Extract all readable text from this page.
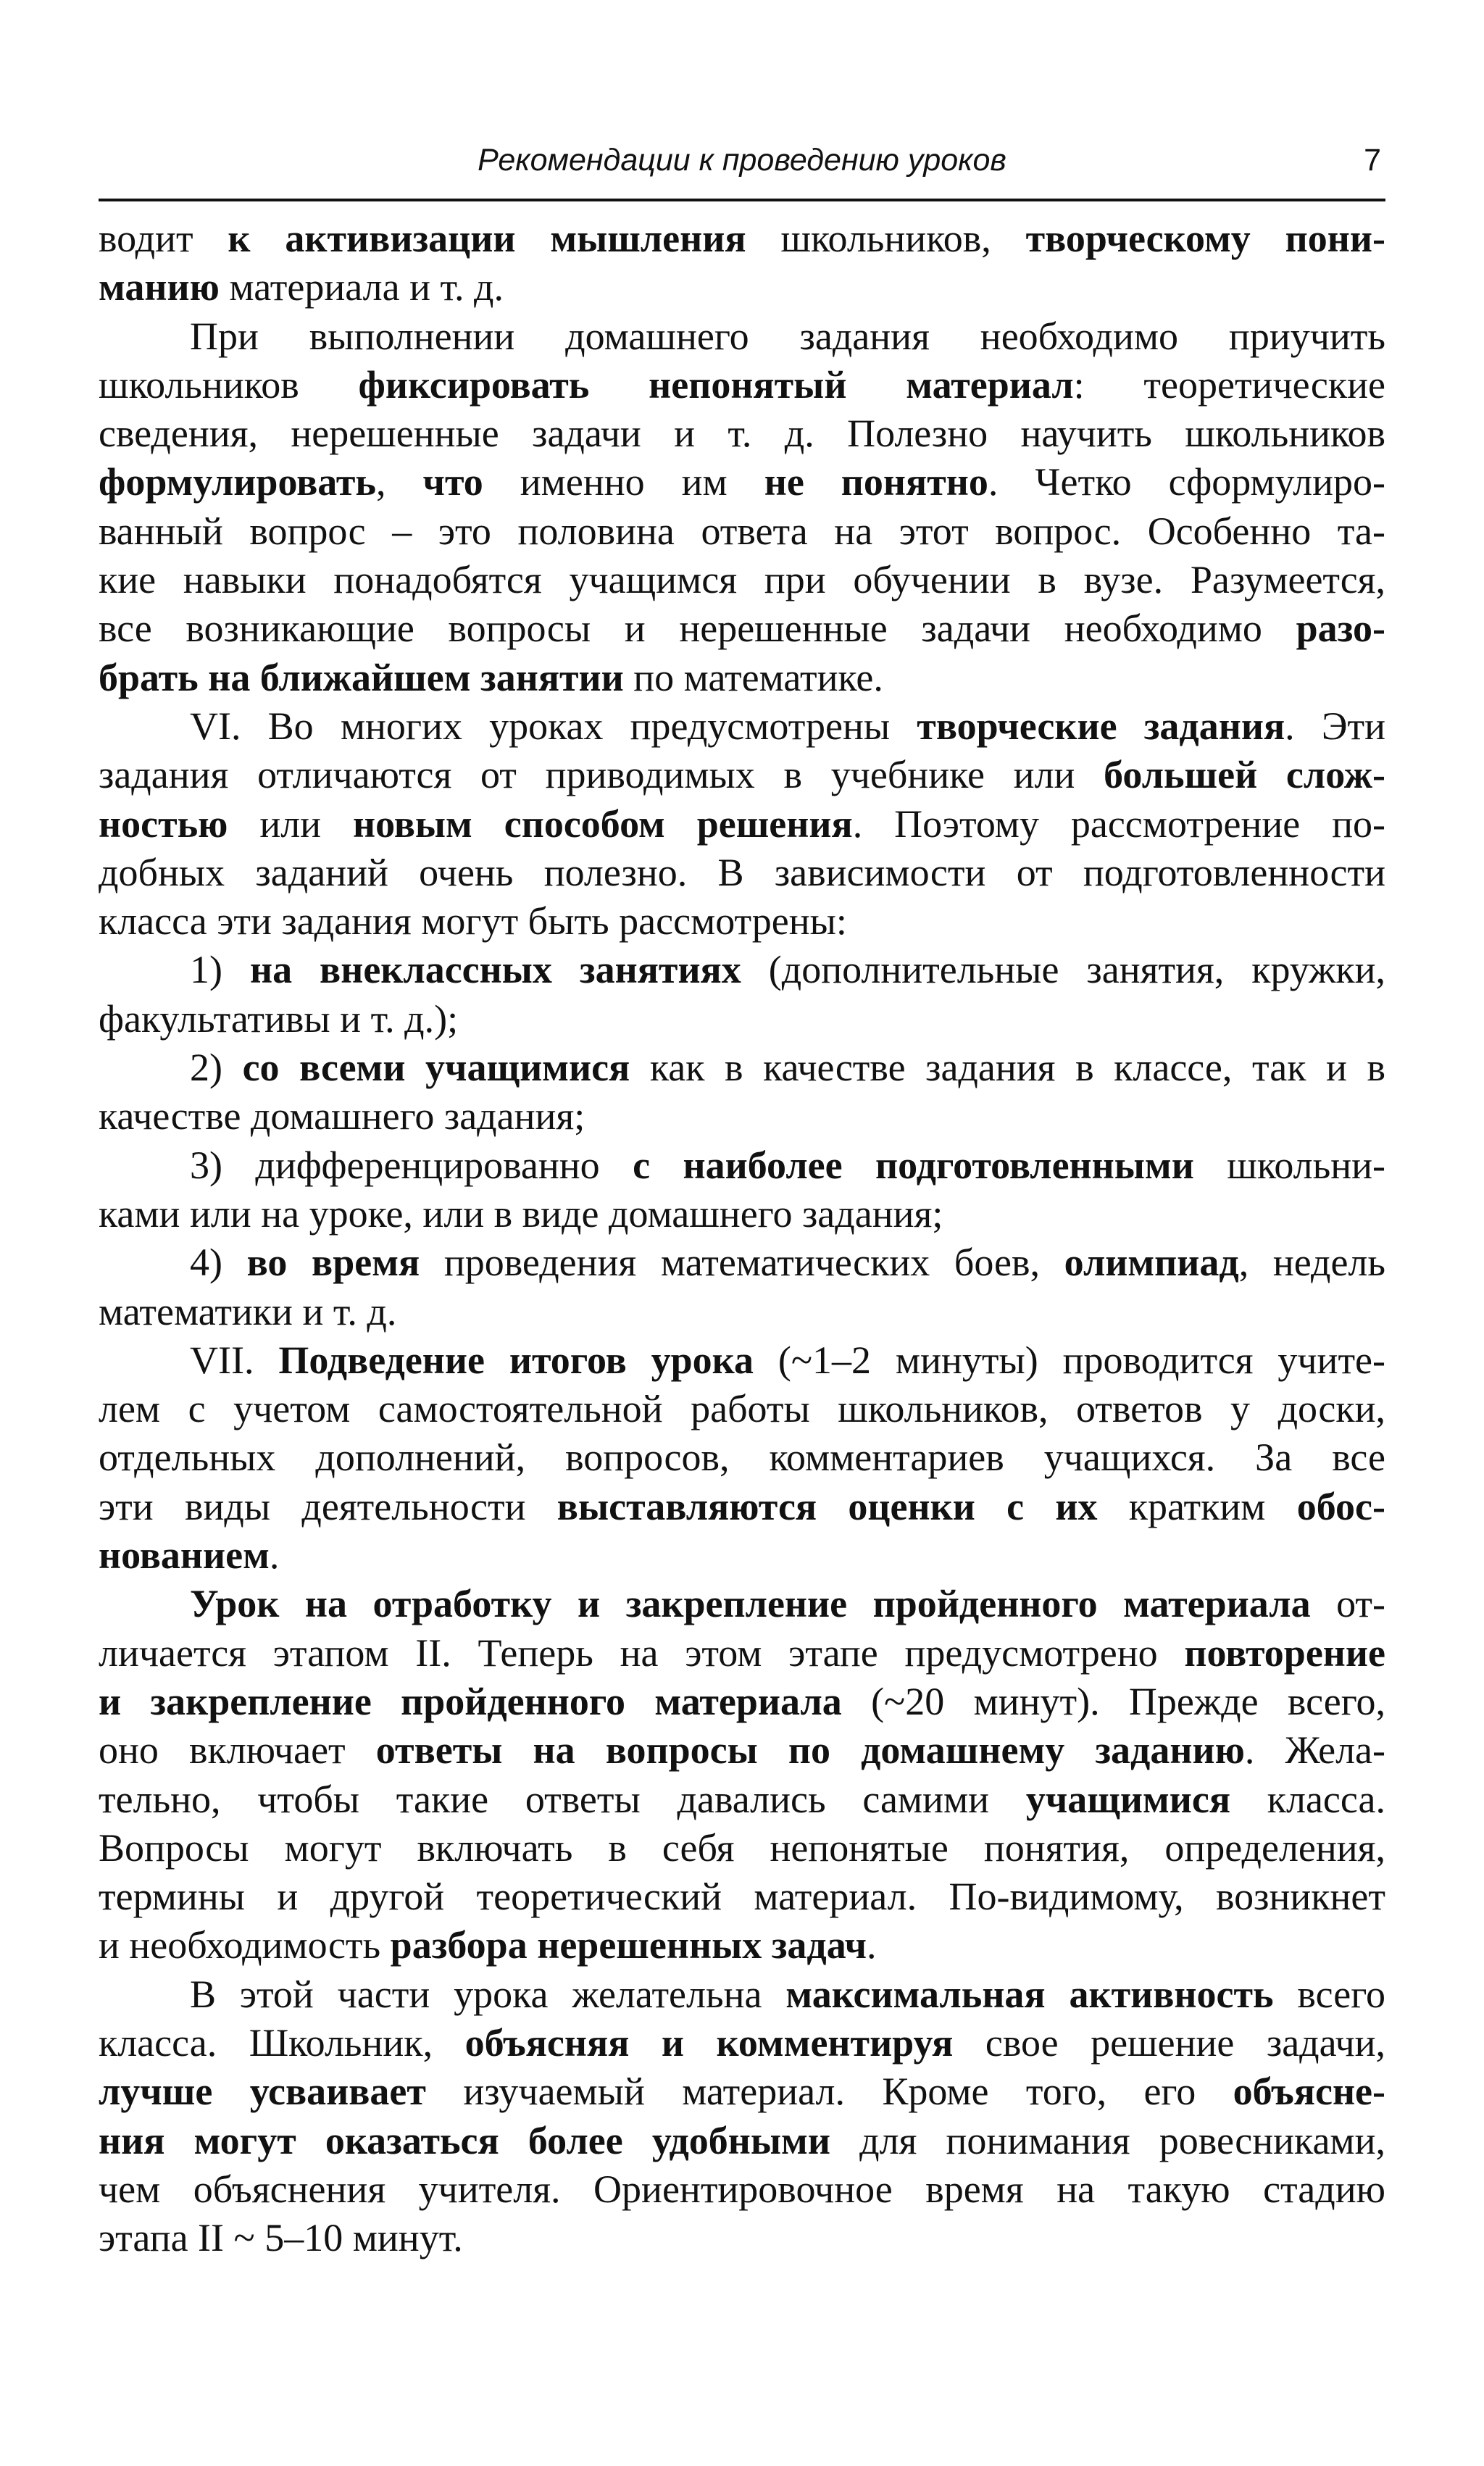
Рекомендации к проведению уроков	7

водит к активизации мышления школьников, творческому пони-

манию материала и т. д.

При выполнении домашнего задания необходимо приучить

школьников фиксировать непонятый материал: теоретические

сведения, нерешенные задачи и т. д. Полезно научить школьников

формулировать, что именно им не понятно. Четко сформулиро-

ванный вопрос – это половина ответа на этот вопрос. Особенно та-

кие навыки понадобятся учащимся при обучении в вузе. Разумеется,

все возникающие вопросы и нерешенные задачи необходимо разо-

брать на ближайшем занятии по математике.

VI. Во многих уроках предусмотрены творческие задания. Эти

задания отличаются от приводимых в учебнике или большей слож-

ностью или новым способом решения. Поэтому рассмотрение по-

добных заданий очень полезно. В зависимости от подготовленности

класса эти задания могут быть рассмотрены:

1) на внеклассных занятиях (дополнительные занятия, кружки,

факультативы и т. д.);

2) со всеми учащимися как в качестве задания в классе, так и в

качестве домашнего задания;

3) дифференцированно с наиболее подготовленными школьни-

ками или на уроке, или в виде домашнего задания;

4) во время проведения математических боев, олимпиад, недель

математики и т. д.

VII. Подведение итогов урока (~1–2 минуты) проводится учите-

лем с учетом самостоятельной работы школьников, ответов у доски,

отдельных дополнений, вопросов, комментариев учащихся. За все

эти виды деятельности выставляются оценки с их кратким обос-

нованием.

Урок на отработку и закрепление пройденного материала от-

личается этапом II. Теперь на этом этапе предусмотрено повторение

и закрепление пройденного материала (~20 минут). Прежде всего,

оно включает ответы на вопросы по домашнему заданию. Жела-

тельно, чтобы такие ответы давались самими учащимися класса.

Вопросы могут включать в себя непонятые понятия, определения,

термины и другой теоретический материал. По-видимому, возникнет

и необходимость разбора нерешенных задач.

В этой части урока желательна максимальная активность всего

класса. Школьник, объясняя и комментируя свое решение задачи,

лучше усваивает изучаемый материал. Кроме того, его объясне-

ния могут оказаться более удобными для понимания ровесниками,

чем объяснения учителя. Ориентировочное время на такую стадию

этапа II ~ 5–10 минут.
